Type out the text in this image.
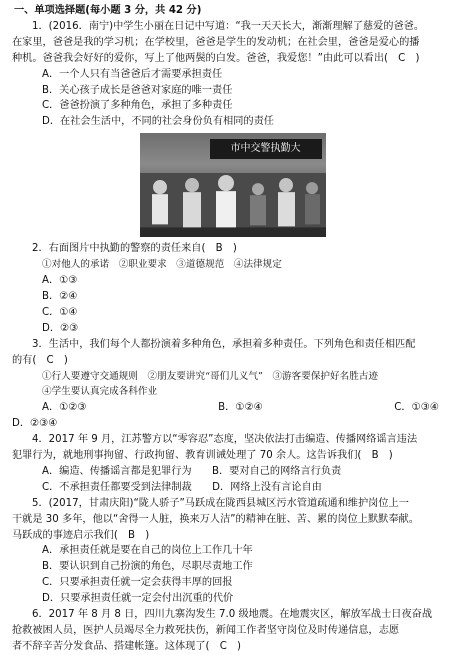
一、单项选择题(每小题 3 分，共 42 分)
1．(2016．南宁)中学生小丽在日记中写道：“我一天天长大，渐渐理解了慈爱的爸爸。
在家里，爸爸是我的学习机；在学校里，爸爸是学生的发动机；在社会里，爸爸是爱心的播
种机。爸爸我会好好的爱你，写上了他两鬓的白发。爸爸，我爱您！”由此可以看出(　C　)
A．一个人只有当爸爸后才需要承担责任
B．关心孩子成长是爸爸对家庭的唯一责任
C．爸爸扮演了多种角色，承担了多种责任
D．在社会生活中，不同的社会身份负有相同的责任
市中交警执勤大
2．右面图片中执勤的警察的责任来自(　B　)
①对他人的承诺　②职业要求　③道德规范　④法律规定
A．①③
B．②④
C．①④
D．②③
3．生活中，我们每个人都扮演着多种角色，承担着多种责任。下列角色和责任相匹配
的有(　C　)
①行人要遵守交通规则　②朋友要讲究“哥们儿义气”　③游客要保护好名胜古迹
④学生要认真完成各科作业
A．①②③	B．①②④	C．①③④
D．②③④
4．2017 年 9 月，江苏警方以“零容忍”态度，坚决依法打击编造、传播网络谣言违法
犯罪行为，就地刑事拘留、行政拘留、教育训诫处理了 70 余人。这告诉我们(　B　)
A．编造、传播谣言都是犯罪行为　　B．要对自己的网络言行负责
C．不承担责任都要受到法律制裁　　D．网络上没有言论自由
5．(2017，甘肃庆阳)“陇人骄子”马跃成在陇西县城区污水管道疏通和维护岗位上一
干就是 30 多年，他以“舍得一人脏，换来万人洁”的精神在脏、苦、累的岗位上默默奉献。
马跃成的事迹启示我们(　B　)
A．承担责任就是要在自己的岗位上工作几十年
B．要认识到自己扮演的角色，尽职尽责地工作
C．只要承担责任就一定会获得丰厚的回报
D．只要承担责任就一定会付出沉重的代价
6．2017 年 8 月 8 日，四川九寨沟发生 7.0 级地震。在地震灾区，解放军战士日夜奋战
抢救被困人员，医护人员竭尽全力救死扶伤，新闻工作者坚守岗位及时传递信息，志愿
者不辞辛苦分发食品、搭建帐篷。这体现了(　C　)
